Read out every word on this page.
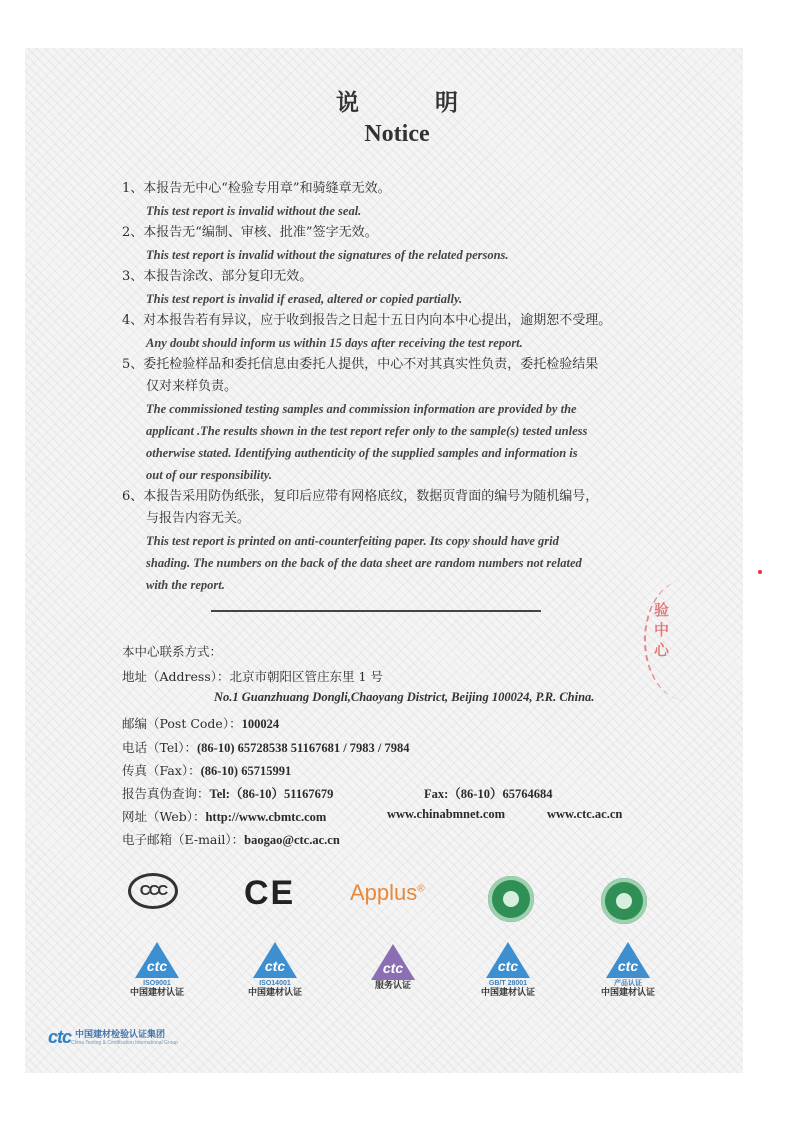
说 明
Notice
1、本报告无中心“检验专用章”和骑缝章无效。
This test report is invalid without the seal.
2、本报告无“编制、审核、批准”签字无效。
This test report is invalid without the signatures of the related persons.
3、本报告涂改、部分复印无效。
This test report is invalid if erased, altered or copied partially.
4、对本报告若有异议，应于收到报告之日起十五日内向本中心提出，逾期恕不受理。
Any doubt should inform us within 15 days after receiving the test report.
5、委托检验样品和委托信息由委托人提供，中心不对其真实性负责，委托检验结果
仅对来样负责。
The commissioned testing samples and commission information are provided by the
applicant .The results shown in the test report refer only to the sample(s) tested unless
otherwise stated. Identifying authenticity of the supplied samples and information is
out of our responsibility.
6、本报告采用防伪纸张，复印后应带有网格底纹，数据页背面的编号为随机编号，
与报告内容无关。
This test report is printed on anti-counterfeiting paper. Its copy should have grid
shading. The numbers on the back of the data sheet are random numbers not related
with the report.
验中心
本中心联系方式：
地址（Address）：北京市朝阳区管庄东里 1 号
No.1 Guanzhuang Dongli,Chaoyang District, Beijing 100024, P.R. China.
邮编（Post Code）：100024
电话（Tel）：(86-10) 65728538 51167681 / 7983 / 7984
传真（Fax）：(86-10) 65715991
报告真伪查询：Tel:（86-10）51167679	Fax:（86-10）65764684
网址（Web）：http://www.cbmtc.com	www.chinabmnet.com	www.ctc.ac.cn
电子邮箱（E-mail）：baogao@ctc.ac.cn
CCC	CE Applus®
ctc
ISO9001
中国建材认证
ctc
ISO14001
中国建材认证
ctc
服务认证
ctc
GB/T 28001
中国建材认证
ctc
产品认证
中国建材认证
ctc 中国建材检验认证集团
China Testing & Certification International Group
